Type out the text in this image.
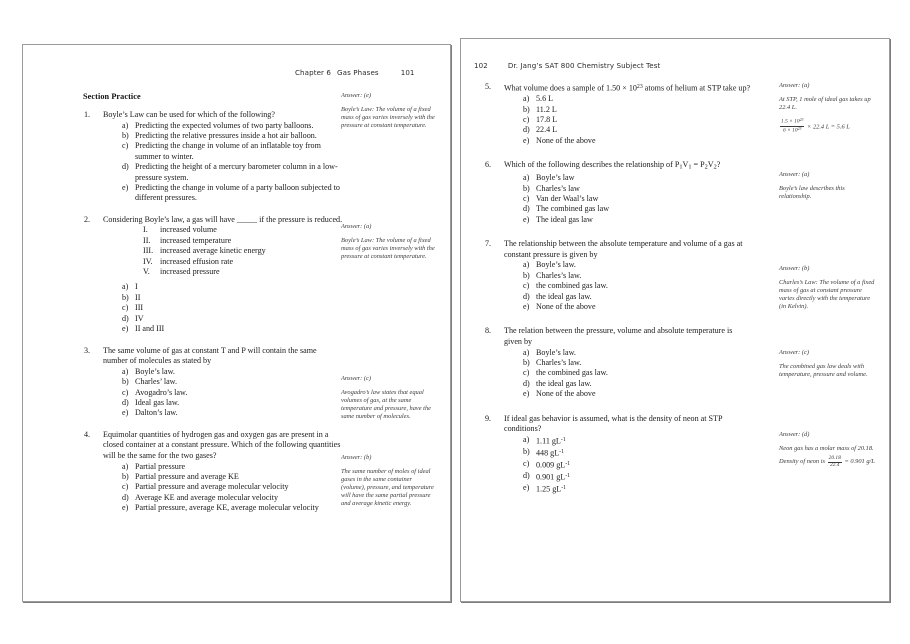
Chapter 6 Gas Phases	101
Section Practice
1.	Boyle’s Law can be used for which of the following?
a) Predicting the expected volumes of two party balloons.
b) Predicting the relative pressures inside a hot air balloon.
c) Predicting the change in volume of an inflatable toy from summer to winter.
d) Predicting the height of a mercury barometer column in a low-pressure system.
e) Predicting the change in volume of a party balloon subjected to different pressures.
2.	Considering Boyle’s law, a gas will have _____ if the pressure is reduced.
I.	increased volume
II.	increased temperature
III. increased average kinetic energy
IV. increased effusion rate
V.	increased pressure
a) I
b) II
c) III
d) IV
e) II and III
3.	The same volume of gas at constant T and P will contain the same number of molecules as stated by
a) Boyle’s law.
b) Charles’ law.
c) Avogadro’s law.
d) Ideal gas law.
e) Dalton’s law.
4.	Equimolar quantities of hydrogen gas and oxygen gas are present in a closed container at a constant pressure. Which of the following quantities will be the same for the two gases?
a) Partial pressure
b) Partial pressure and average KE
c) Partial pressure and average molecular velocity
d) Average KE and average molecular velocity
e) Partial pressure, average KE, average molecular velocity
Answer: (e)
Boyle’s Law: The volume of a fixed mass of gas varies inversely with the pressure at constant temperature.
Answer: (a)
Boyle’s Law: The volume of a fixed mass of gas varies inversely with the pressure at constant temperature.
Answer: (c)
Avogadro’s law states that equal volumes of gas, at the same temperature and pressure, have the same number of molecules.
Answer: (b)
The same number of moles of ideal gases in the same container (volume), pressure, and temperature will have the same partial pressure and average kinetic energy.
102	Dr. Jang’s SAT 800 Chemistry Subject Test
5.	What volume does a sample of $1.50 \times 10^{23}$ atoms of helium at STP take up?
a) 5.6 L
b) 11.2 L
c) 17.8 L
d) 22.4 L
e) None of the above
6.	Which of the following describes the relationship of $P_1V_1 = P_2V_2$?
a) Boyle’s law
b) Charles’s law
c) Van der Waal’s law
d) The combined gas law
e) The ideal gas law
7.	The relationship between the absolute temperature and volume of a gas at constant pressure is given by
a) Boyle’s law.
b) Charles’s law.
c) the combined gas law.
d) the ideal gas law.
e) None of the above
8.	The relation between the pressure, volume and absolute temperature is given by
a) Boyle’s law.
b) Charles’s law.
c) the combined gas law.
d) the ideal gas law.
e) None of the above
9.	If ideal gas behavior is assumed, what is the density of neon at STP conditions?
a) 1.11 $gL^{-1}$
b) 448 $gL^{-1}$
c) 0.009 $gL^{-1}$
d) 0.901 $gL^{-1}$
e) 1.25 $gL^{-1}$
Answer: (a)
At STP, 1 mole of ideal gas takes up 22.4 L.
$\frac{1.5 \times 10^{23}}{6 \times 10^{23}} \times 22.4$ L = 5.6 L
Answer: (a)
Boyle’s law describes this relationship.
Answer: (b)
Charles’s Law: The volume of a fixed mass of gas at constant pressure varies directly with the temperature (in Kelvin).
Answer: (c)
The combined gas law deals with temperature, pressure and volume.
Answer: (d)
Neon gas has a molar mass of 20.18.
Density of neon is $\frac{20.18}{22.4} = 0.901$ g/L
